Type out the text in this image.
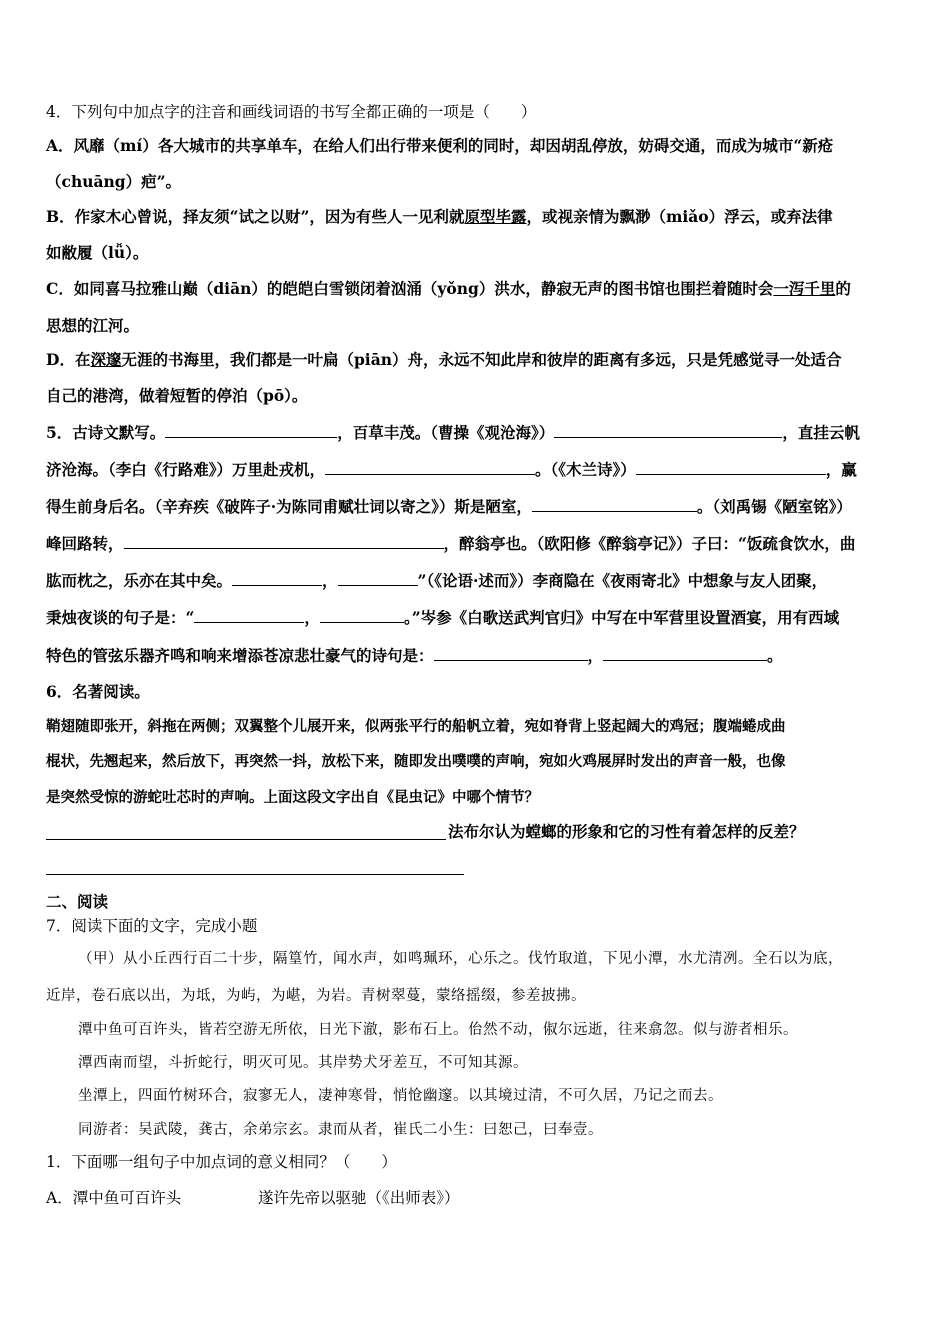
4．下列句中加点字的注音和画线词语的书写全都正确的一项是（　　）
A．风靡（mí）各大城市的共享单车，在给人们出行带来便利的同时，却因胡乱停放，妨碍交通，而成为城市“新疮
（chuāng）疤”。
B．作家木心曾说，择友须“试之以财”，因为有些人一见利就原型毕露，或视亲情为飘渺（miǎo）浮云，或弃法律
如敝履（lǚ）。
C．如同喜马拉雅山巅（diān）的皑皑白雪锁闭着汹涌（yǒng）洪水，静寂无声的图书馆也围拦着随时会一泻千里的
思想的江河。
D．在深邃无涯的书海里，我们都是一叶扁（piān）舟，永远不知此岸和彼岸的距离有多远，只是凭感觉寻一处适合
自己的港湾，做着短暂的停泊（pō）。
5．古诗文默写。	，百草丰茂。（曹操《观沧海》）	，直挂云帆
济沧海。（李白《行路难》）万里赴戎机，	。（《木兰诗》）	，赢
得生前身后名。（辛弃疾《破阵子·为陈同甫赋壮词以寄之》）斯是陋室，	。（刘禹锡《陋室铭》）
峰回路转，	，醉翁亭也。（欧阳修《醉翁亭记》）子曰：“饭疏食饮水，曲
肱而枕之，乐亦在其中矣。	，	”（《论语·述而》）李商隐在《夜雨寄北》中想象与友人团聚，
秉烛夜谈的句子是：“	，	。”岑参《白歌送武判官归》中写在中军营里设置酒宴，用有西域
特色的管弦乐器齐鸣和响来增添苍凉悲壮豪气的诗句是：	，	。
6．名著阅读。
鞘翅随即张开，斜拖在两侧；双翼整个儿展开来，似两张平行的船帆立着，宛如脊背上竖起阔大的鸡冠；腹端蜷成曲
棍状，先翘起来，然后放下，再突然一抖，放松下来，随即发出噗噗的声响，宛如火鸡展屏时发出的声音一般，也像
是突然受惊的游蛇吐芯时的声响。上面这段文字出自《昆虫记》中哪个情节？
法布尔认为螳螂的形象和它的习性有着怎样的反差？
二、阅读
7．阅读下面的文字，完成小题
（甲）从小丘西行百二十步，隔篁竹，闻水声，如鸣珮环，心乐之。伐竹取道，下见小潭，水尤清冽。全石以为底，
近岸，卷石底以出，为坻，为屿，为嵁，为岩。青树翠蔓，蒙络摇缀，参差披拂。
潭中鱼可百许头，皆若空游无所依，日光下澈，影布石上。佁然不动，俶尔远逝，往来翕忽。似与游者相乐。
潭西南而望，斗折蛇行，明灭可见。其岸势犬牙差互，不可知其源。
坐潭上，四面竹树环合，寂寥无人，凄神寒骨，悄怆幽邃。以其境过清，不可久居，乃记之而去。
同游者：吴武陵，龚古，余弟宗玄。隶而从者，崔氏二小生：曰恕己，曰奉壹。
1．下面哪一组句子中加点词的意义相同？（　　）
A．潭中鱼可百许头	遂许先帝以驱驰（《出师表》）
